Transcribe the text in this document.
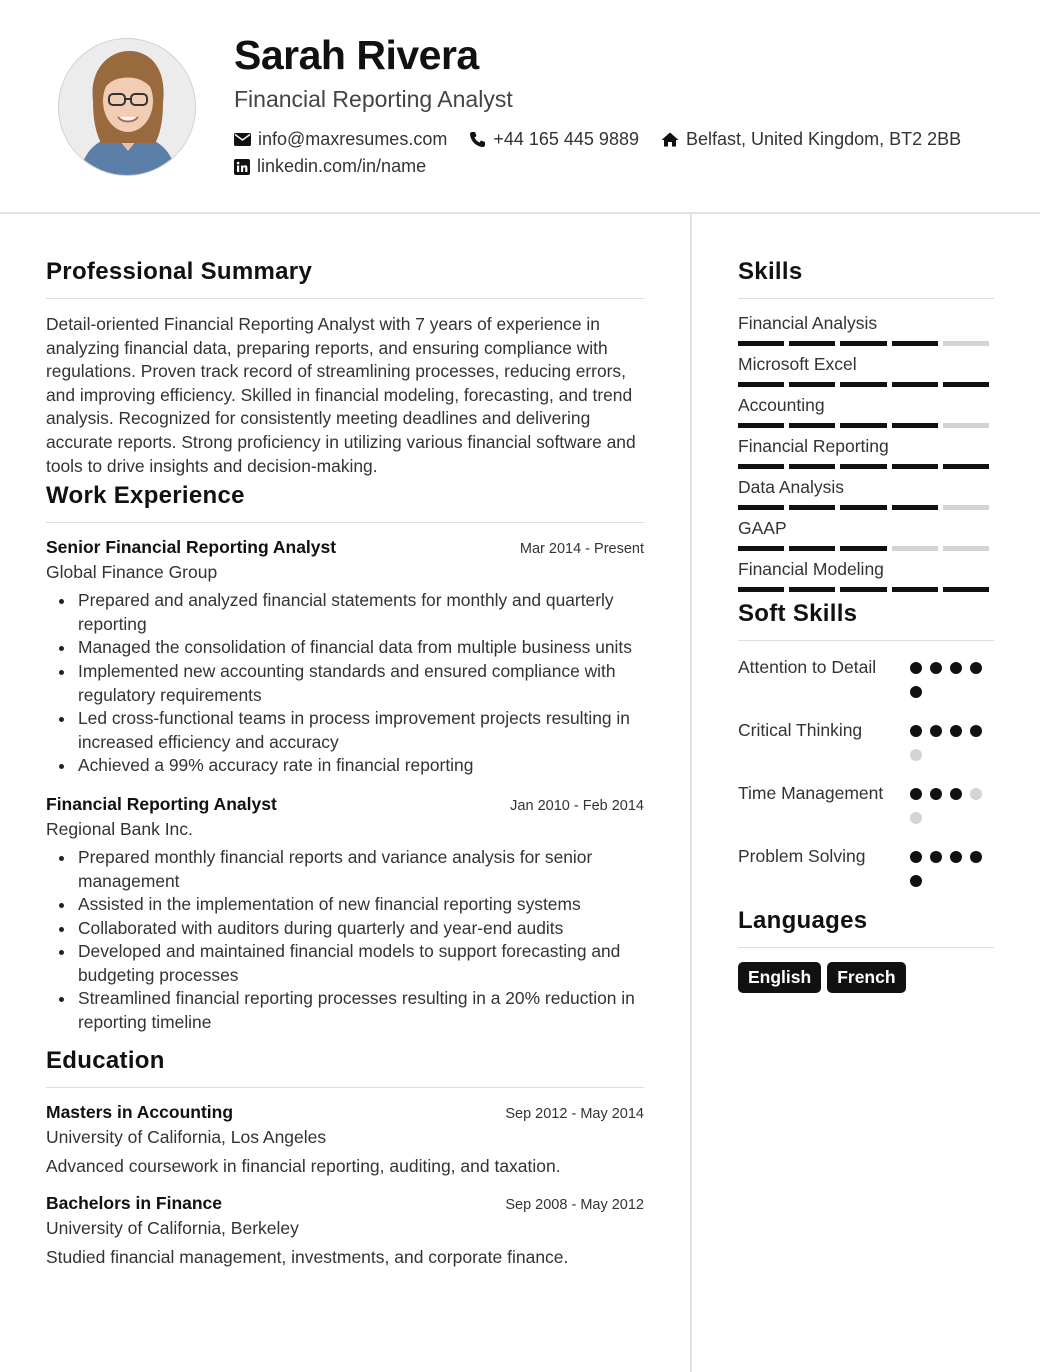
Sarah Rivera
Financial Reporting Analyst
info@maxresumes.com	+44 165 445 9889	Belfast, United Kingdom, BT2 2BB
linkedin.com/in/name
Professional Summary

Detail-oriented Financial Reporting Analyst with 7 years of experience in analyzing financial data, preparing reports, and ensuring compliance with regulations. Proven track record of streamlining processes, reducing errors, and improving efficiency. Skilled in financial modeling, forecasting, and trend analysis. Recognized for consistently meeting deadlines and delivering accurate reports. Strong proficiency in utilizing various financial software and tools to drive insights and decision-making.

Work Experience
Senior Financial Reporting Analyst	Mar 2014 - Present
Global Finance Group
Prepared and analyzed financial statements for monthly and quarterly reporting
Managed the consolidation of financial data from multiple business units
Implemented new accounting standards and ensured compliance with regulatory requirements
Led cross-functional teams in process improvement projects resulting in increased efficiency and accuracy
Achieved a 99% accuracy rate in financial reporting
Financial Reporting Analyst	Jan 2010 - Feb 2014
Regional Bank Inc.
Prepared monthly financial reports and variance analysis for senior management
Assisted in the implementation of new financial reporting systems
Collaborated with auditors during quarterly and year-end audits
Developed and maintained financial models to support forecasting and budgeting processes
Streamlined financial reporting processes resulting in a 20% reduction in reporting timeline
Education
Masters in Accounting	Sep 2012 - May 2014
University of California, Los Angeles
Advanced coursework in financial reporting, auditing, and taxation.
Bachelors in Finance	Sep 2008 - May 2012
University of California, Berkeley
Studied financial management, investments, and corporate finance.
Skills
Financial Analysis
Microsoft Excel
Accounting
Financial Reporting
Data Analysis
GAAP
Financial Modeling
Soft Skills
Attention to Detail
Critical Thinking
Time Management
Problem Solving
Languages
English	French
